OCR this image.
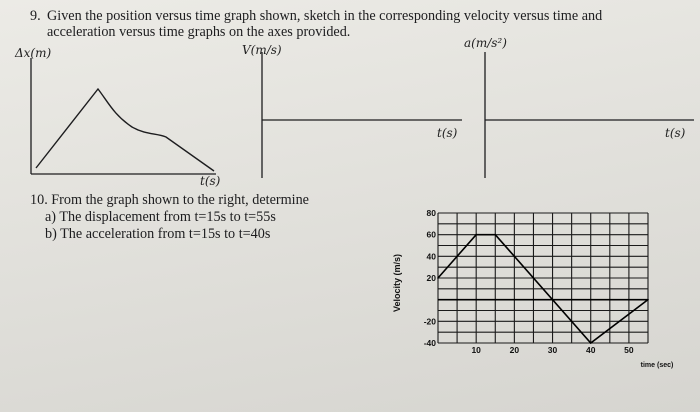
9. Given the position versus time graph shown, sketch in the corresponding velocity versus time and
acceleration versus time graphs on the axes provided.
Δx(m)	V(m/s)	a(m/s²)
t(s)
t(s)	t(s)
10. From the graph shown to the right, determine
a) The displacement from t=15s to t=55s
b) The acceleration from t=15s to t=40s
80
60
40
20
-20
-40
10	20	30	40	50
Velocity (m/s)
time (sec)
